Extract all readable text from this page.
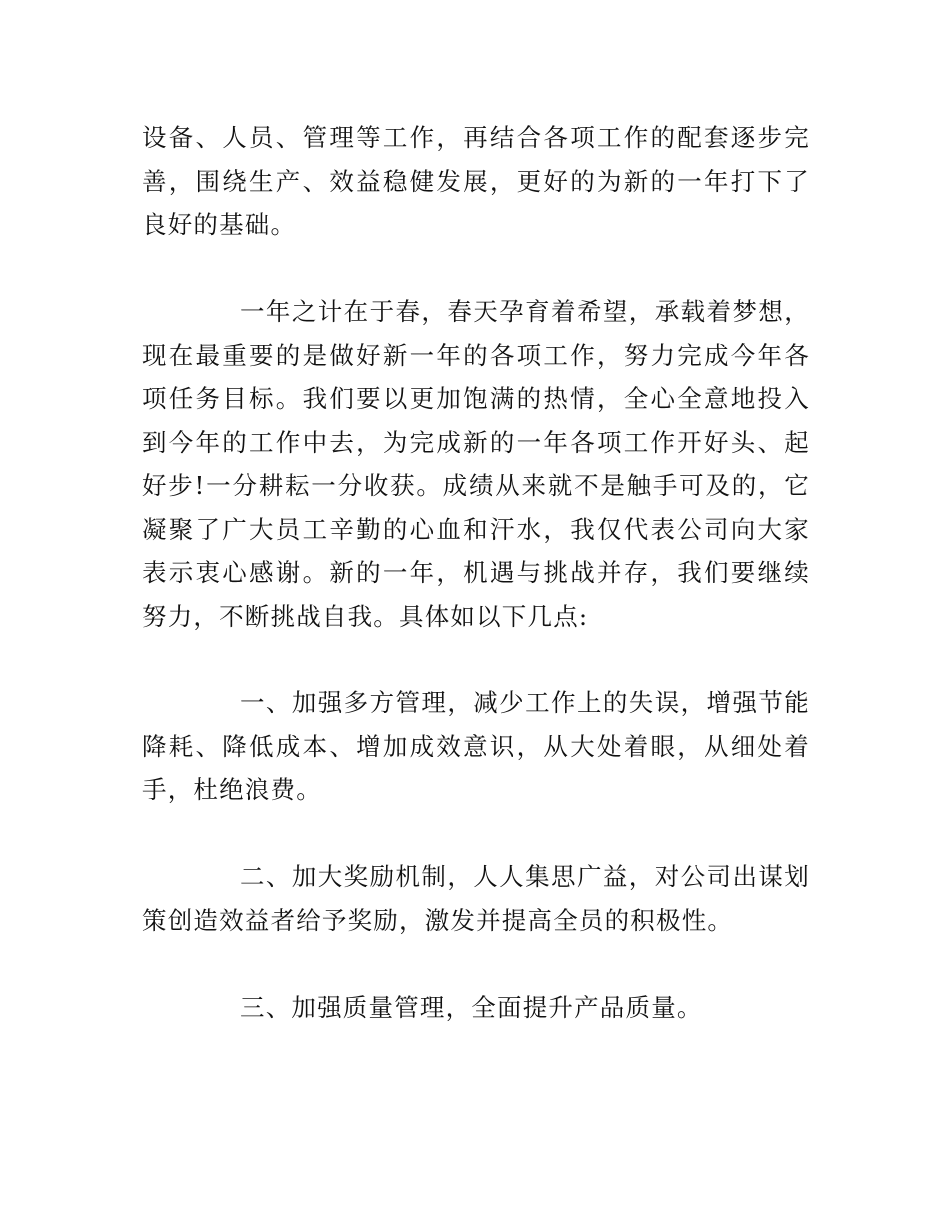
设备、人员、管理等工作，再结合各项工作的配套逐步完善，围绕生产、效益稳健发展，更好的为新的一年打下了良好的基础。

一年之计在于春，春天孕育着希望，承载着梦想，现在最重要的是做好新一年的各项工作，努力完成今年各项任务目标。我们要以更加饱满的热情，全心全意地投入到今年的工作中去，为完成新的一年各项工作开好头、起好步!一分耕耘一分收获。成绩从来就不是触手可及的，它凝聚了广大员工辛勤的心血和汗水，我仅代表公司向大家表示衷心感谢。新的一年，机遇与挑战并存，我们要继续努力，不断挑战自我。具体如以下几点:

一、加强多方管理，减少工作上的失误，增强节能降耗、降低成本、增加成效意识，从大处着眼，从细处着手，杜绝浪费。

二、加大奖励机制，人人集思广益，对公司出谋划策创造效益者给予奖励，激发并提高全员的积极性。

三、加强质量管理，全面提升产品质量。
